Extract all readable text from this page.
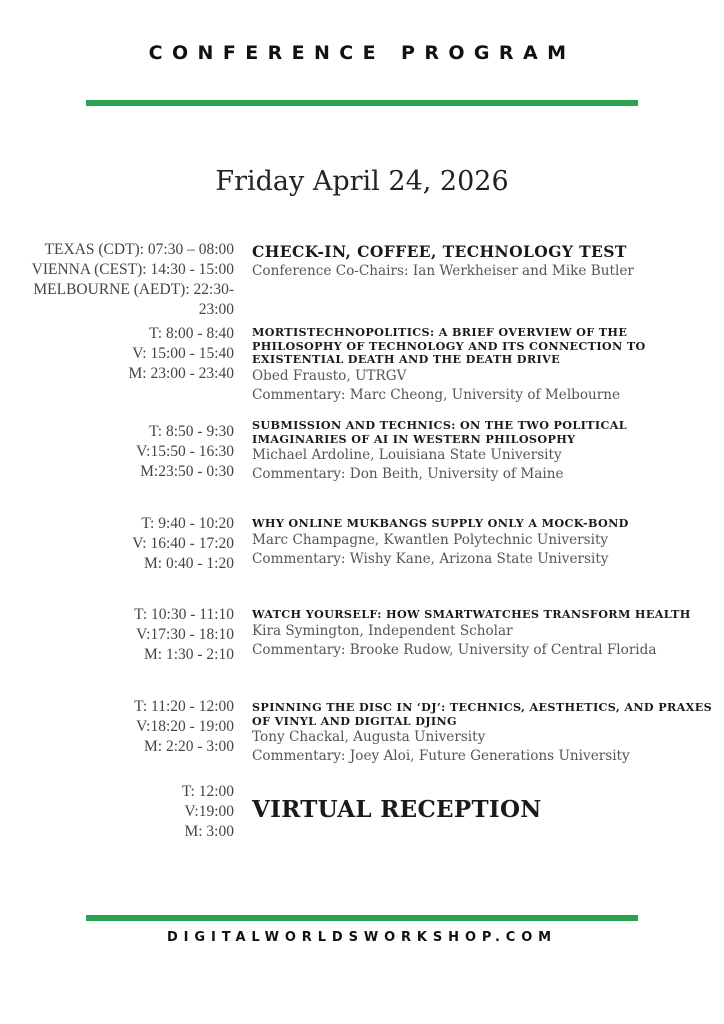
CONFERENCE PROGRAM
Friday April 24, 2026
TEXAS (CDT): 07:30 – 08:00
VIENNA (CEST): 14:30 - 15:00
MELBOURNE (AEDT): 22:30-
23:00
CHECK-IN, COFFEE, TECHNOLOGY TEST
Conference Co-Chairs: Ian Werkheiser and Mike Butler
T: 8:00 - 8:40
V: 15:00 - 15:40
M: 23:00 - 23:40
MORTISTECHNOPOLITICS: A BRIEF OVERVIEW OF THE PHILOSOPHY OF TECHNOLOGY AND ITS CONNECTION TO EXISTENTIAL DEATH AND THE DEATH DRIVE
Obed Frausto, UTRGV
Commentary: Marc Cheong, University of Melbourne
T: 8:50 - 9:30
V:15:50 - 16:30
M:23:50 - 0:30
SUBMISSION AND TECHNICS: ON THE TWO POLITICAL IMAGINARIES OF AI IN WESTERN PHILOSOPHY
Michael Ardoline, Louisiana State University
Commentary: Don Beith, University of Maine
T: 9:40 - 10:20
V: 16:40 - 17:20
M: 0:40 - 1:20
WHY ONLINE MUKBANGS SUPPLY ONLY A MOCK-BOND
Marc Champagne, Kwantlen Polytechnic University
Commentary: Wishy Kane, Arizona State University
T: 10:30 - 11:10
V:17:30 - 18:10
M: 1:30 - 2:10
WATCH YOURSELF: HOW SMARTWATCHES TRANSFORM HEALTH
Kira Symington, Independent Scholar
Commentary: Brooke Rudow, University of Central Florida
T: 11:20 - 12:00
V:18:20 - 19:00
M: 2:20 - 3:00
SPINNING THE DISC IN ‘DJ’: TECHNICS, AESTHETICS, AND PRAXES OF VINYL AND DIGITAL DJING
Tony Chackal, Augusta University
Commentary: Joey Aloi, Future Generations University
T: 12:00
V:19:00
M: 3:00
VIRTUAL RECEPTION
DIGITALWORLDSWORKSHOP.COM
